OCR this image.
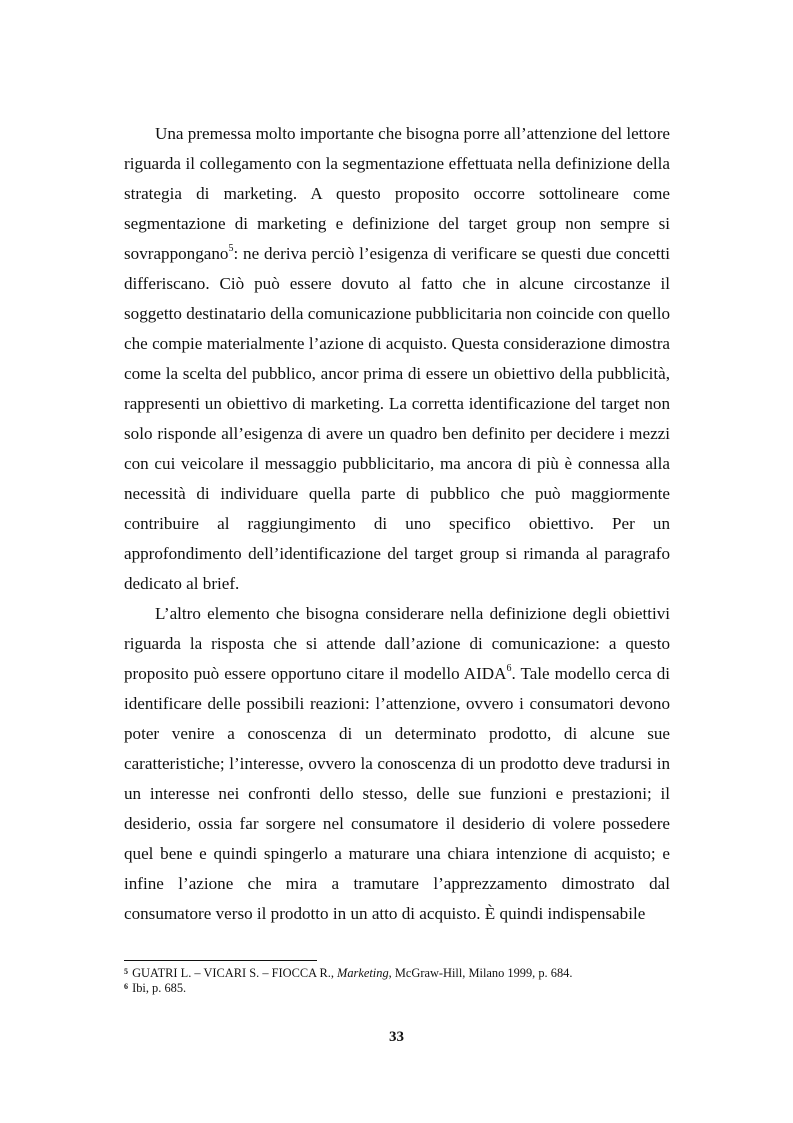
Una premessa molto importante che bisogna porre all’attenzione del lettore riguarda il collegamento con la segmentazione effettuata nella definizione della strategia di marketing. A questo proposito occorre sottolineare come segmentazione di marketing e definizione del target group non sempre si sovrappongano$^5$: ne deriva perciò l’esigenza di verificare se questi due concetti differiscano. Ciò può essere dovuto al fatto che in alcune circostanze il soggetto destinatario della comunicazione pubblicitaria non coincide con quello che compie materialmente l’azione di acquisto. Questa considerazione dimostra come la scelta del pubblico, ancor prima di essere un obiettivo della pubblicità, rappresenti un obiettivo di marketing. La corretta identificazione del target non solo risponde all’esigenza di avere un quadro ben definito per decidere i mezzi con cui veicolare il messaggio pubblicitario, ma ancora di più è connessa alla necessità di individuare quella parte di pubblico che può maggiormente contribuire al raggiungimento di uno specifico obiettivo. Per un approfondimento dell’identificazione del target group si rimanda al paragrafo dedicato al brief.

L’altro elemento che bisogna considerare nella definizione degli obiettivi riguarda la risposta che si attende dall’azione di comunicazione: a questo proposito può essere opportuno citare il modello AIDA$^6$. Tale modello cerca di identificare delle possibili reazioni: l’attenzione, ovvero i consumatori devono poter venire a conoscenza di un determinato prodotto, di alcune sue caratteristiche; l’interesse, ovvero la conoscenza di un prodotto deve tradursi in un interesse nei confronti dello stesso, delle sue funzioni e prestazioni; il desiderio, ossia far sorgere nel consumatore il desiderio di volere possedere quel bene e quindi spingerlo a maturare una chiara intenzione di acquisto; e infine l’azione che mira a tramutare l’apprezzamento dimostrato dal consumatore verso il prodotto in un atto di acquisto. È quindi indispensabile

$^5$ GUATRI L. – VICARI S. – FIOCCA R., Marketing, McGraw-Hill, Milano 1999, p. 684.

$^6$ Ibi, p. 685.

33
